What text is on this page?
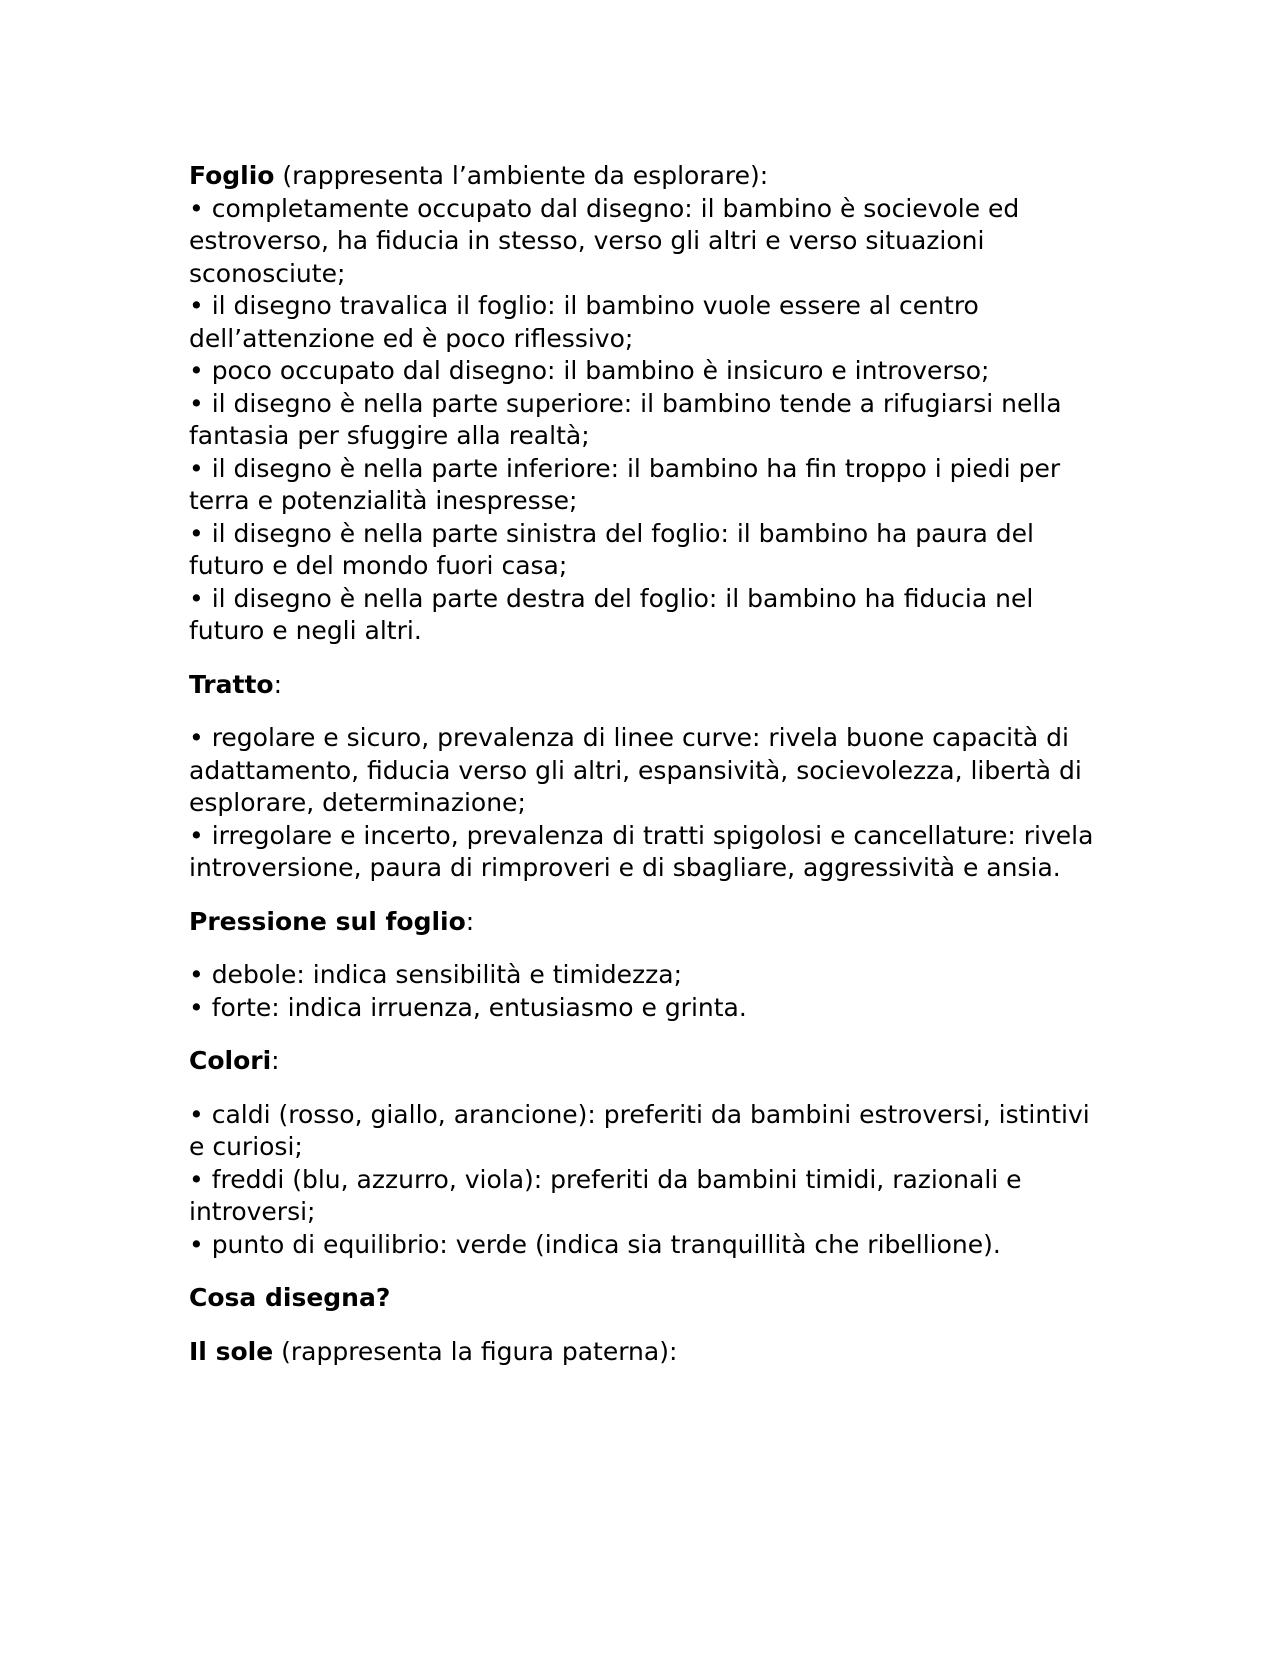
Foglio (rappresenta l’ambiente da esplorare):

• completamente occupato dal disegno: il bambino è socievole ed estroverso, ha fiducia in stesso, verso gli altri e verso situazioni sconosciute;

• il disegno travalica il foglio: il bambino vuole essere al centro dell’attenzione ed è poco riflessivo;

• poco occupato dal disegno: il bambino è insicuro e introverso;

• il disegno è nella parte superiore: il bambino tende a rifugiarsi nella fantasia per sfuggire alla realtà;

• il disegno è nella parte inferiore: il bambino ha fin troppo i piedi per terra e potenzialità inespresse;

• il disegno è nella parte sinistra del foglio: il bambino ha paura del futuro e del mondo fuori casa;

• il disegno è nella parte destra del foglio: il bambino ha fiducia nel futuro e negli altri.

Tratto:

• regolare e sicuro, prevalenza di linee curve: rivela buone capacità di adattamento, fiducia verso gli altri, espansività, socievolezza, libertà di esplorare, determinazione;

• irregolare e incerto, prevalenza di tratti spigolosi e cancellature: rivela introversione, paura di rimproveri e di sbagliare, aggressività e ansia.

Pressione sul foglio:

• debole: indica sensibilità e timidezza;

• forte: indica irruenza, entusiasmo e grinta.

Colori:

• caldi (rosso, giallo, arancione): preferiti da bambini estroversi, istintivi e curiosi;

• freddi (blu, azzurro, viola): preferiti da bambini timidi, razionali e introversi;

• punto di equilibrio: verde (indica sia tranquillità che ribellione).

Cosa disegna?

Il sole (rappresenta la figura paterna):
